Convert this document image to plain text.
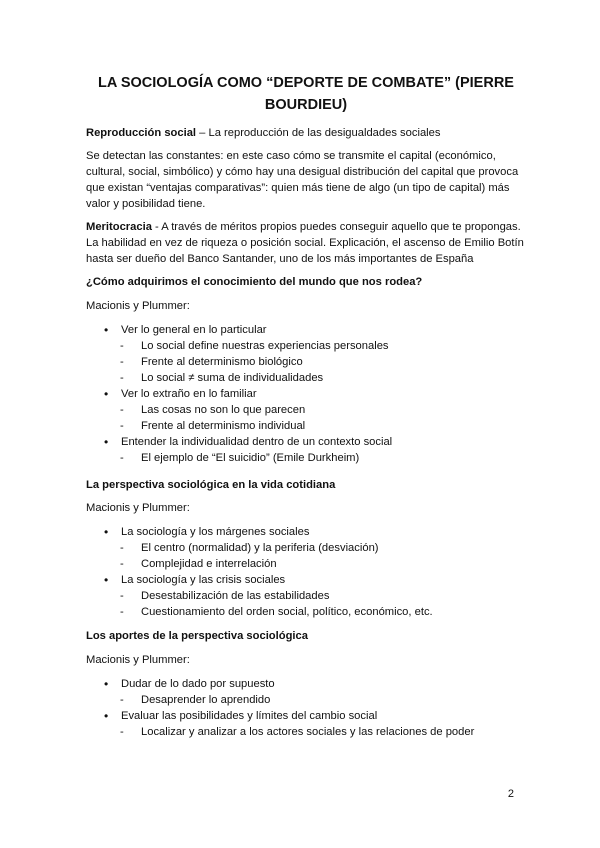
LA SOCIOLOGÍA COMO “DEPORTE DE COMBATE” (PIERRE BOURDIEU)
Reproducción social – La reproducción de las desigualdades sociales
Se detectan las constantes: en este caso cómo se transmite el capital (económico, cultural, social, simbólico) y cómo hay una desigual distribución del capital que provoca que existan “ventajas comparativas”: quien más tiene de algo (un tipo de capital) más valor y posibilidad tiene.
Meritocracia - A través de méritos propios puedes conseguir aquello que te propongas. La habilidad en vez de riqueza o posición social. Explicación, el ascenso de Emilio Botín hasta ser dueño del Banco Santander, uno de los más importantes de España
¿Cómo adquirimos el conocimiento del mundo que nos rodea?
Macionis y Plummer:
• Ver lo general en lo particular
- Lo social define nuestras experiencias personales
- Frente al determinismo biológico
- Lo social ≠ suma de individualidades
• Ver lo extraño en lo familiar
- Las cosas no son lo que parecen
- Frente al determinismo individual
• Entender la individualidad dentro de un contexto social
- El ejemplo de “El suicidio” (Emile Durkheim)
La perspectiva sociológica en la vida cotidiana
Macionis y Plummer:
• La sociología y los márgenes sociales
- El centro (normalidad) y la periferia (desviación)
- Complejidad e interrelación
• La sociología y las crisis sociales
- Desestabilización de las estabilidades
- Cuestionamiento del orden social, político, económico, etc.
Los aportes de la perspectiva sociológica
Macionis y Plummer:
• Dudar de lo dado por supuesto
- Desaprender lo aprendido
• Evaluar las posibilidades y límites del cambio social
- Localizar y analizar a los actores sociales y las relaciones de poder
2
